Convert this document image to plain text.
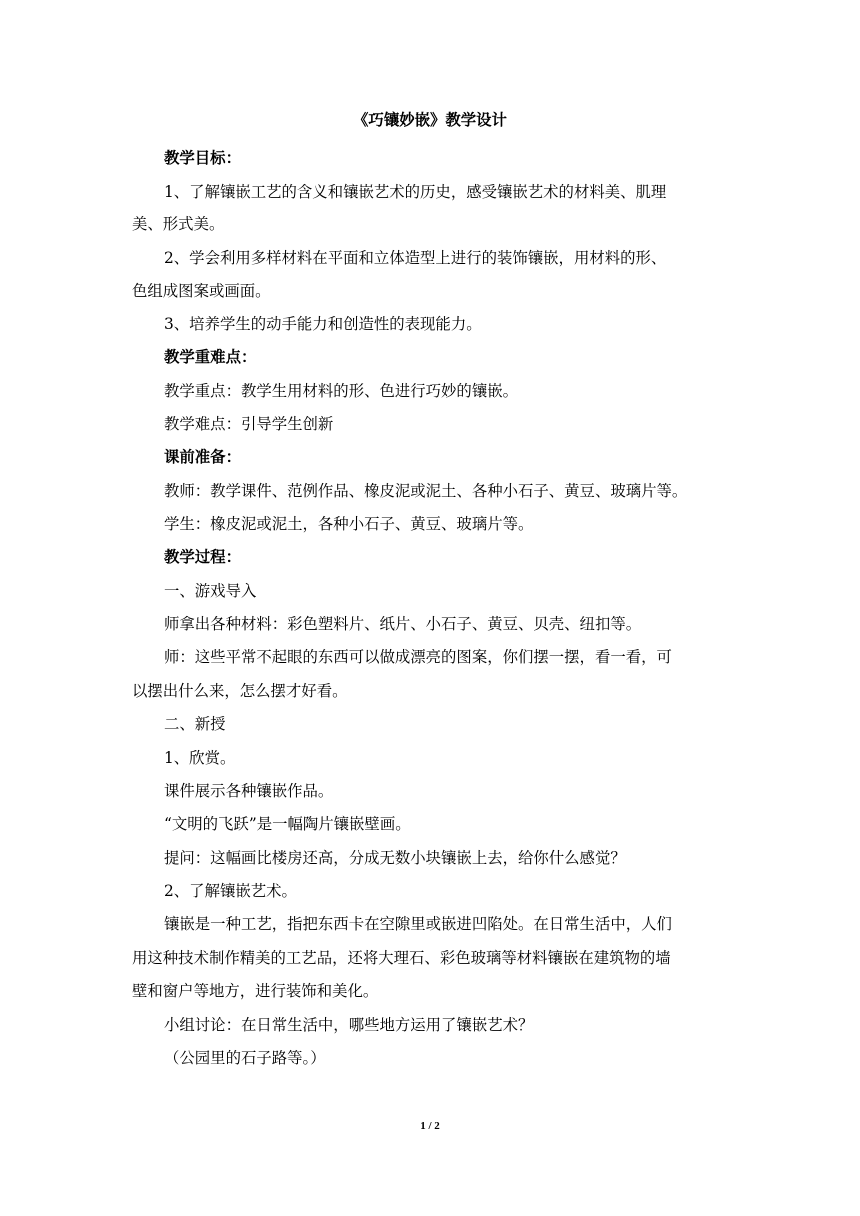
《巧镶妙嵌》教学设计
教学目标：
1、了解镶嵌工艺的含义和镶嵌艺术的历史，感受镶嵌艺术的材料美、肌理
美、形式美。
2、学会利用多样材料在平面和立体造型上进行的装饰镶嵌，用材料的形、
色组成图案或画面。
3、培养学生的动手能力和创造性的表现能力。
教学重难点：
教学重点：教学生用材料的形、色进行巧妙的镶嵌。
教学难点：引导学生创新
课前准备：
教师：教学课件、范例作品、橡皮泥或泥土、各种小石子、黄豆、玻璃片等。
学生：橡皮泥或泥土，各种小石子、黄豆、玻璃片等。
教学过程：
一、游戏导入
师拿出各种材料：彩色塑料片、纸片、小石子、黄豆、贝壳、纽扣等。
师：这些平常不起眼的东西可以做成漂亮的图案，你们摆一摆，看一看，可
以摆出什么来，怎么摆才好看。
二、新授
1、欣赏。
课件展示各种镶嵌作品。
“文明的飞跃”是一幅陶片镶嵌壁画。
提问：这幅画比楼房还高，分成无数小块镶嵌上去，给你什么感觉？
2、了解镶嵌艺术。
镶嵌是一种工艺，指把东西卡在空隙里或嵌进凹陷处。在日常生活中，人们
用这种技术制作精美的工艺品，还将大理石、彩色玻璃等材料镶嵌在建筑物的墙
壁和窗户等地方，进行装饰和美化。
小组讨论：在日常生活中，哪些地方运用了镶嵌艺术？
（公园里的石子路等。）
1 / 2
